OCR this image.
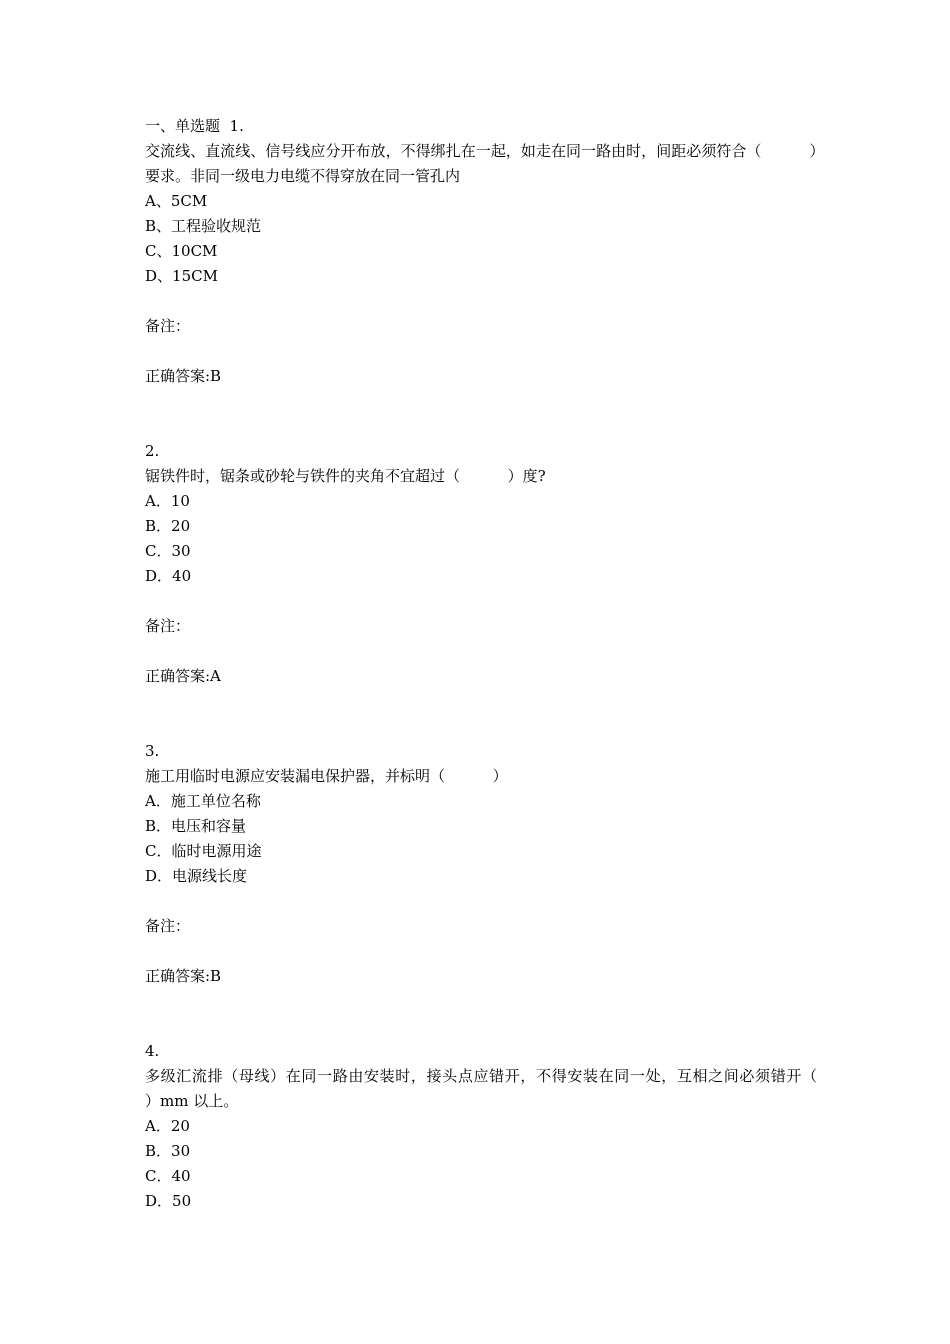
一、单选题  1.

交流线、直流线、信号线应分开布放，不得绑扎在一起，如走在同一路由时，间距必须符合（          ）要求。非同一级电力电缆不得穿放在同一管孔内

A、5CM

B、工程验收规范

C、10CM

D、15CM

备注：

正确答案:B

2.

锯铁件时，锯条或砂轮与铁件的夹角不宜超过（          ）度?

A．10

B．20

C．30

D．40

备注：

正确答案:A

3.

施工用临时电源应安装漏电保护器，并标明（          ）

A．施工单位名称

B．电压和容量

C．临时电源用途

D．电源线长度

备注：

正确答案:B

4.

多级汇流排（母线）在同一路由安装时，接头点应错开，不得安装在同一处，互相之间必须错开（          ）mm 以上。

A．20

B．30

C．40

D．50
